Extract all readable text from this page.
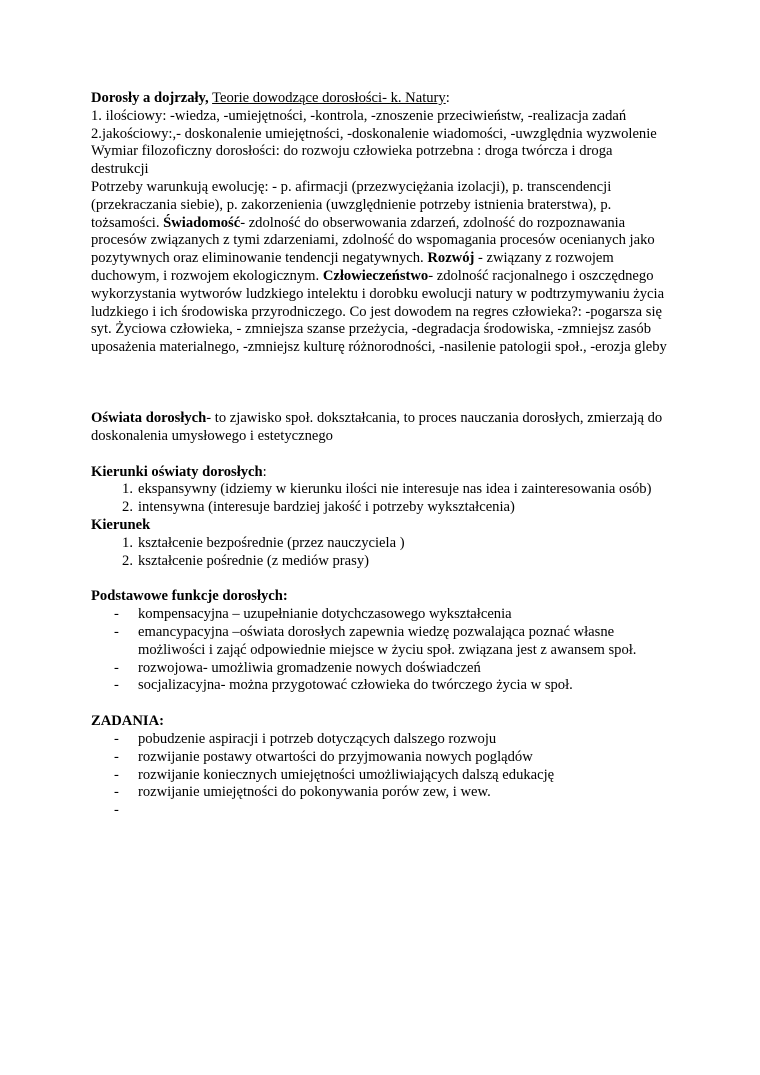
Dorosły a dojrzały, Teorie dowodzące dorosłości- k. Natury:

1. ilościowy: -wiedza, -umiejętności, -kontrola, -znoszenie przeciwieństw, -realizacja zadań

2.jakościowy:,- doskonalenie umiejętności, -doskonalenie wiadomości, -uwzględnia wyzwolenie

Wymiar filozoficzny dorosłości: do rozwoju człowieka potrzebna : droga twórcza i droga destrukcji

Potrzeby warunkują ewolucję: - p. afirmacji (przezwyciężania izolacji), p. transcendencji (przekraczania siebie), p. zakorzenienia (uwzględnienie potrzeby istnienia braterstwa), p. tożsamości. Świadomość- zdolność do obserwowania zdarzeń, zdolność do rozpoznawania procesów związanych z tymi zdarzeniami, zdolność do wspomagania procesów ocenianych jako pozytywnych oraz eliminowanie tendencji negatywnych. Rozwój - związany z rozwojem duchowym, i rozwojem ekologicznym. Człowieczeństwo- zdolność racjonalnego i oszczędnego wykorzystania wytworów ludzkiego intelektu i dorobku ewolucji natury w podtrzymywaniu życia ludzkiego i ich środowiska przyrodniczego. Co jest dowodem na regres człowieka?: -pogarsza się syt. Życiowa człowieka, - zmniejsza szanse przeżycia, -degradacja środowiska, -zmniejsz zasób uposażenia materialnego, -zmniejsz kulturę różnorodności, -nasilenie patologii społ., -erozja gleby

Oświata dorosłych- to zjawisko społ. dokształcania, to proces nauczania dorosłych, zmierzają do doskonalenia umysłowego i estetycznego

Kierunki oświaty dorosłych:

1. ekspansywny (idziemy w kierunku ilości nie interesuje nas idea i zainteresowania osób)
2. intensywna (interesuje bardziej jakość i potrzeby wykształcenia)

Kierunek

1. kształcenie bezpośrednie (przez nauczyciela )
2. kształcenie pośrednie (z mediów prasy)

Podstawowe funkcje dorosłych:

- kompensacyjna – uzupełnianie dotychczasowego wykształcenia
- emancypacyjna –oświata dorosłych zapewnia wiedzę pozwalająca poznać własne możliwości i zająć odpowiednie miejsce w życiu społ. związana jest z awansem społ.
- rozwojowa- umożliwia gromadzenie nowych doświadczeń
- socjalizacyjna- można przygotować człowieka do twórczego życia w społ.

ZADANIA:

- pobudzenie aspiracji i potrzeb dotyczących dalszego rozwoju
- rozwijanie postawy otwartości do przyjmowania nowych poglądów
- rozwijanie koniecznych umiejętności umożliwiających dalszą edukację
- rozwijanie umiejętności do pokonywania porów zew, i wew.
-
